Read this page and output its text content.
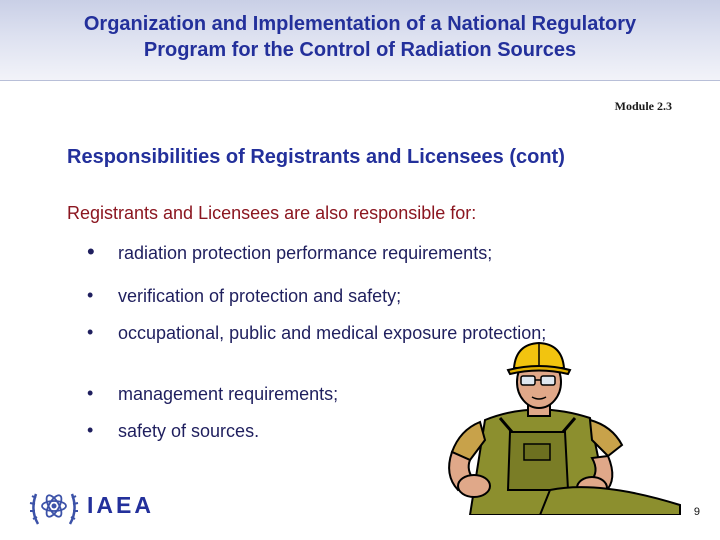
Organization and Implementation of a National Regulatory
Program for the Control of Radiation Sources
Module 2.3
Responsibilities of Registrants and Licensees (cont)
Registrants and Licensees are also responsible for:
• radiation protection performance requirements;
• verification of protection and safety;
• occupational, public and medical exposure protection;
• management requirements;
• safety of sources.
IAEA	9
